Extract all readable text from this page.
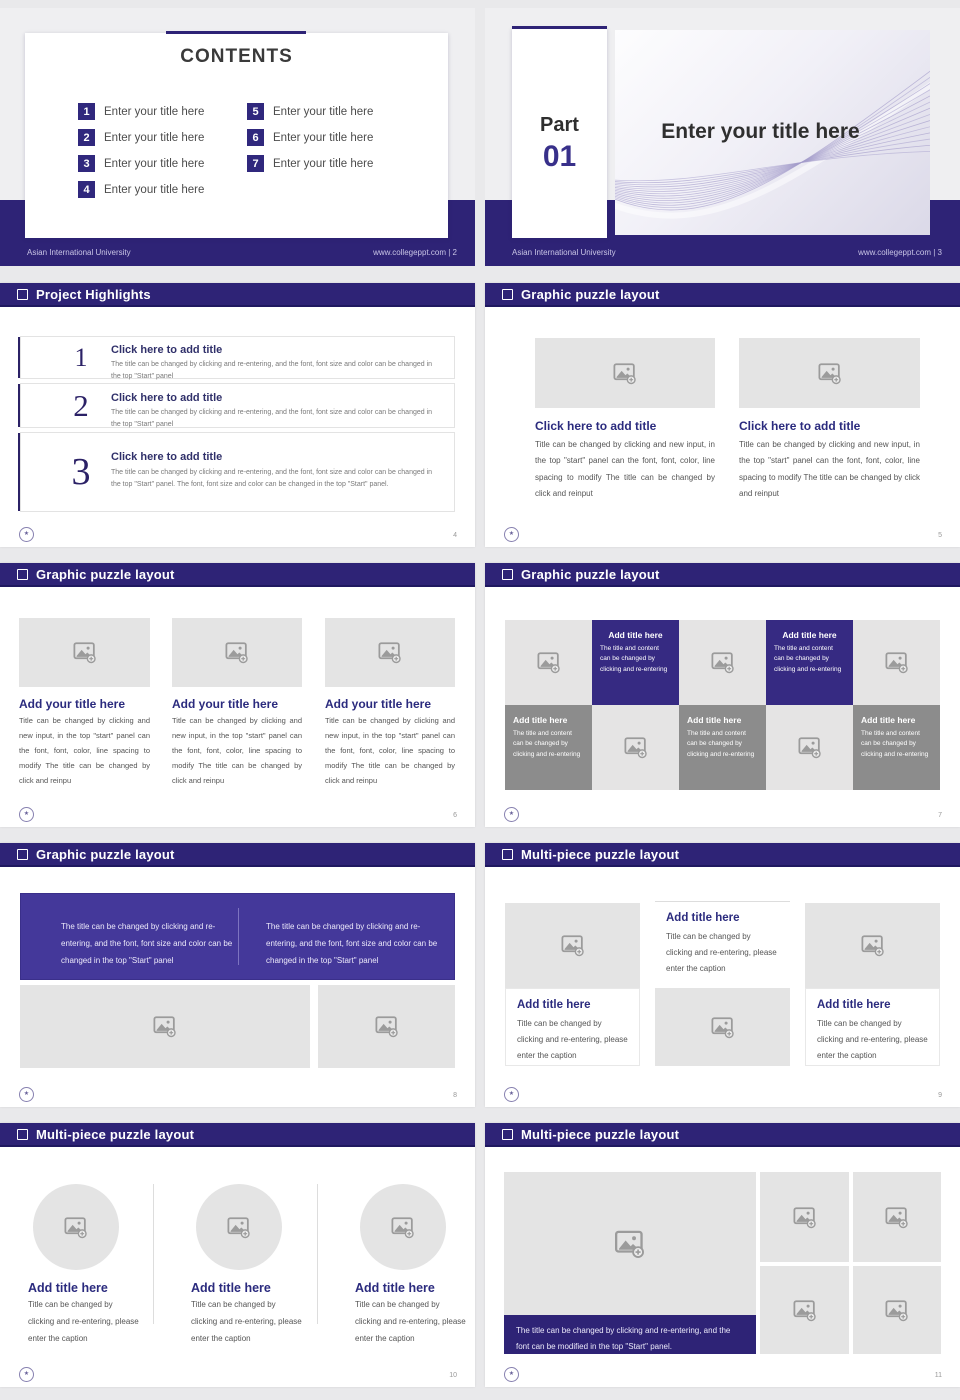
Asian International University	www.collegeppt.com | 2
CONTENTS
1	Enter your title here
2	Enter your title here
3	Enter your title here
4	Enter your title here
5	Enter your title here
6	Enter your title here
7	Enter your title here
Asian International University	www.collegeppt.com | 3
Part
01
Enter your title here
Project Highlights
1	Click here to add title
The title can be changed by clicking and re-entering, and the font, font size and color can be changed in the top "Start" panel
2	Click here to add title
The title can be changed by clicking and re-entering, and the font, font size and color can be changed in the top "Start" panel
3	Click here to add title
The title can be changed by clicking and re-entering, and the font, font size and color can be changed in the top "Start" panel. The font, font size and color can be changed in the top "Start" panel.
★	4
Graphic puzzle layout
Click here to add title	Click here to add title
Title can be changed by clicking and new input, in the top "start" panel can the font, font, color, line spacing to modify The title can be changed by click and reinput
Title can be changed by clicking and new input, in the top "start" panel can the font, font, color, line spacing to modify The title can be changed by click and reinput
★	5
Graphic puzzle layout
Add your title here	Add your title here	Add your title here
Title can be changed by clicking and new input, in the top "start" panel can the font, font, color, line spacing to modify The title can be changed by click and reinpu
Title can be changed by clicking and new input, in the top "start" panel can the font, font, color, line spacing to modify The title can be changed by click and reinpu
Title can be changed by clicking and new input, in the top "start" panel can the font, font, color, line spacing to modify The title can be changed by click and reinpu
★	6
Graphic puzzle layout
Add title here
The title and content can be changed by clicking and re-entering
Add title here
The title and content can be changed by clicking and re-entering
Add title here
The title and content can be changed by clicking and re-entering
Add title here
The title and content can be changed by clicking and re-entering
Add title here
The title and content can be changed by clicking and re-entering
★	7
Graphic puzzle layout
The title can be changed by clicking and re-entering, and the font, font size and color can be changed in the top "Start" panel
The title can be changed by clicking and re-entering, and the font, font size and color can be changed in the top "Start" panel
★	8
Multi-piece puzzle layout
Add title here
Title can be changed by clicking and re-entering, please enter the caption
Add title here
Title can be changed by clicking and re-entering, please enter the caption
Add title here
Title can be changed by clicking and re-entering, please enter the caption
★	9
Multi-piece puzzle layout
Add title here	Add title here	Add title here
Title can be changed by clicking and re-entering, please enter the caption
Title can be changed by clicking and re-entering, please enter the caption
Title can be changed by clicking and re-entering, please enter the caption
★	10
Multi-piece puzzle layout
The title can be changed by clicking and re-entering, and the font can be modified in the top "Start" panel.
★	11
